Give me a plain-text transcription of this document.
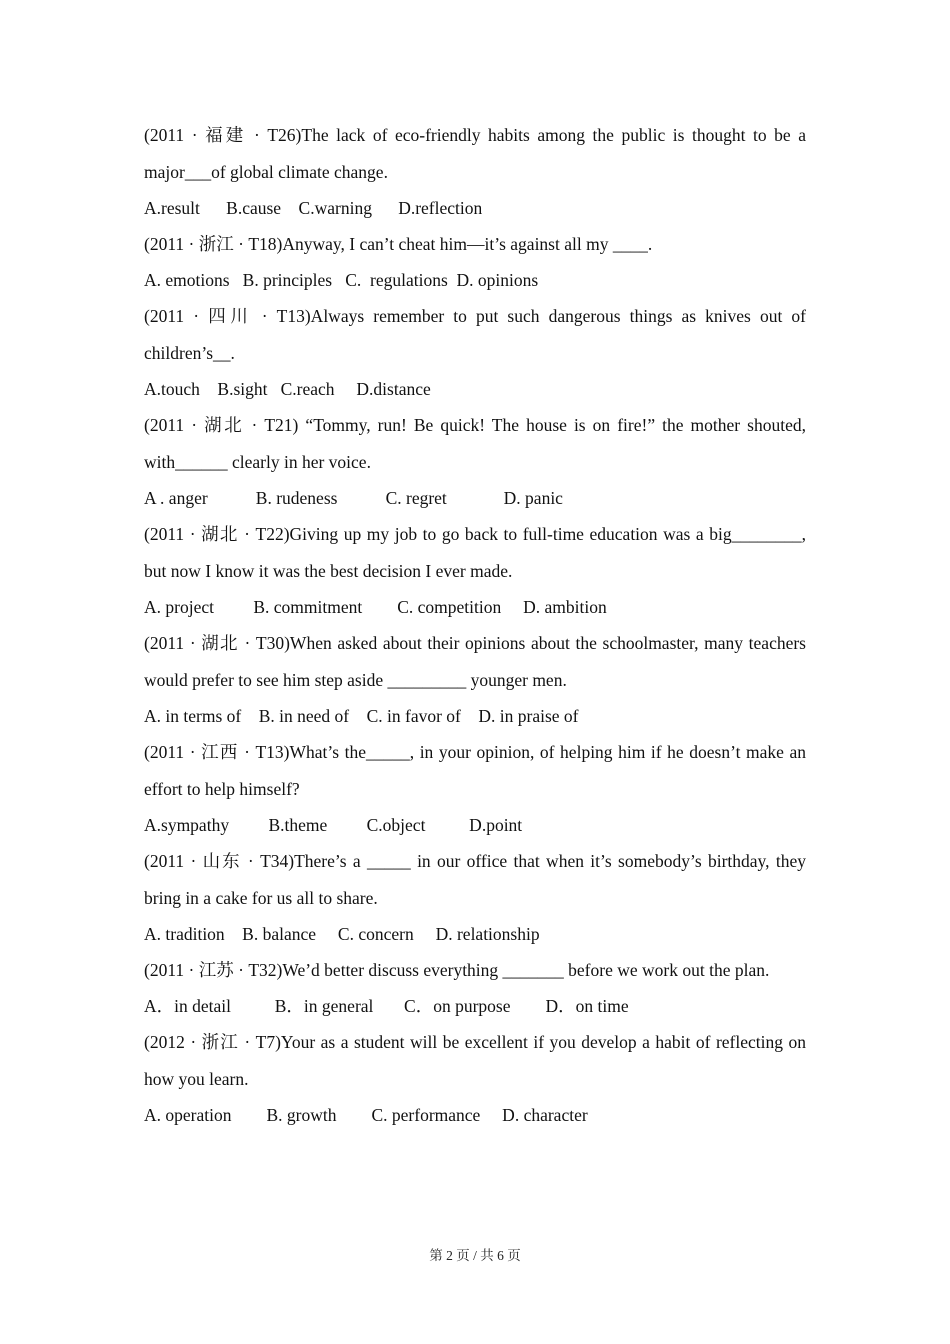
(2011 · 福建 · T26)The lack of eco-friendly habits among the public is thought to be a major___of global climate change.

A.result      B.cause    C.warning      D.reflection

(2011 · 浙江 · T18)Anyway, I can’t cheat him—it’s against all my ____.

A. emotions   B. principles   C.  regulations  D. opinions

(2011 · 四川 · T13)Always remember to put such dangerous things as knives out of children’s__.

A.touch    B.sight   C.reach     D.distance

(2011 · 湖北 · T21) “Tommy, run! Be quick! The house is on fire!” the mother shouted, with______ clearly in her voice.

A . anger           B. rudeness           C. regret             D. panic

(2011 · 湖北 · T22)Giving up my job to go back to full-time education was a big________, but now I know it was the best decision I ever made.

A. project         B. commitment        C. competition     D. ambition

(2011 · 湖北 · T30)When asked about their opinions about the schoolmaster, many teachers would prefer to see him step aside _________ younger men.

A. in terms of    B. in need of    C. in favor of    D. in praise of

(2011 · 江西 · T13)What’s the_____, in your opinion, of helping him if he doesn’t make an effort to help himself?

A.sympathy         B.theme         C.object          D.point

(2011 · 山东 · T34)There’s a _____ in our office that when it’s somebody’s birthday, they bring in a cake for us all to share.

A. tradition    B. balance     C. concern     D. relationship

(2011 · 江苏 · T32)We’d better discuss everything _______ before we work out the plan.

A．in detail          B．in general       C．on purpose        D．on time

(2012 · 浙江 · T7)Your as a student will be excellent if you develop a habit of reflecting on how you learn.

A. operation        B. growth        C. performance     D. character

第 2 页 / 共 6 页
